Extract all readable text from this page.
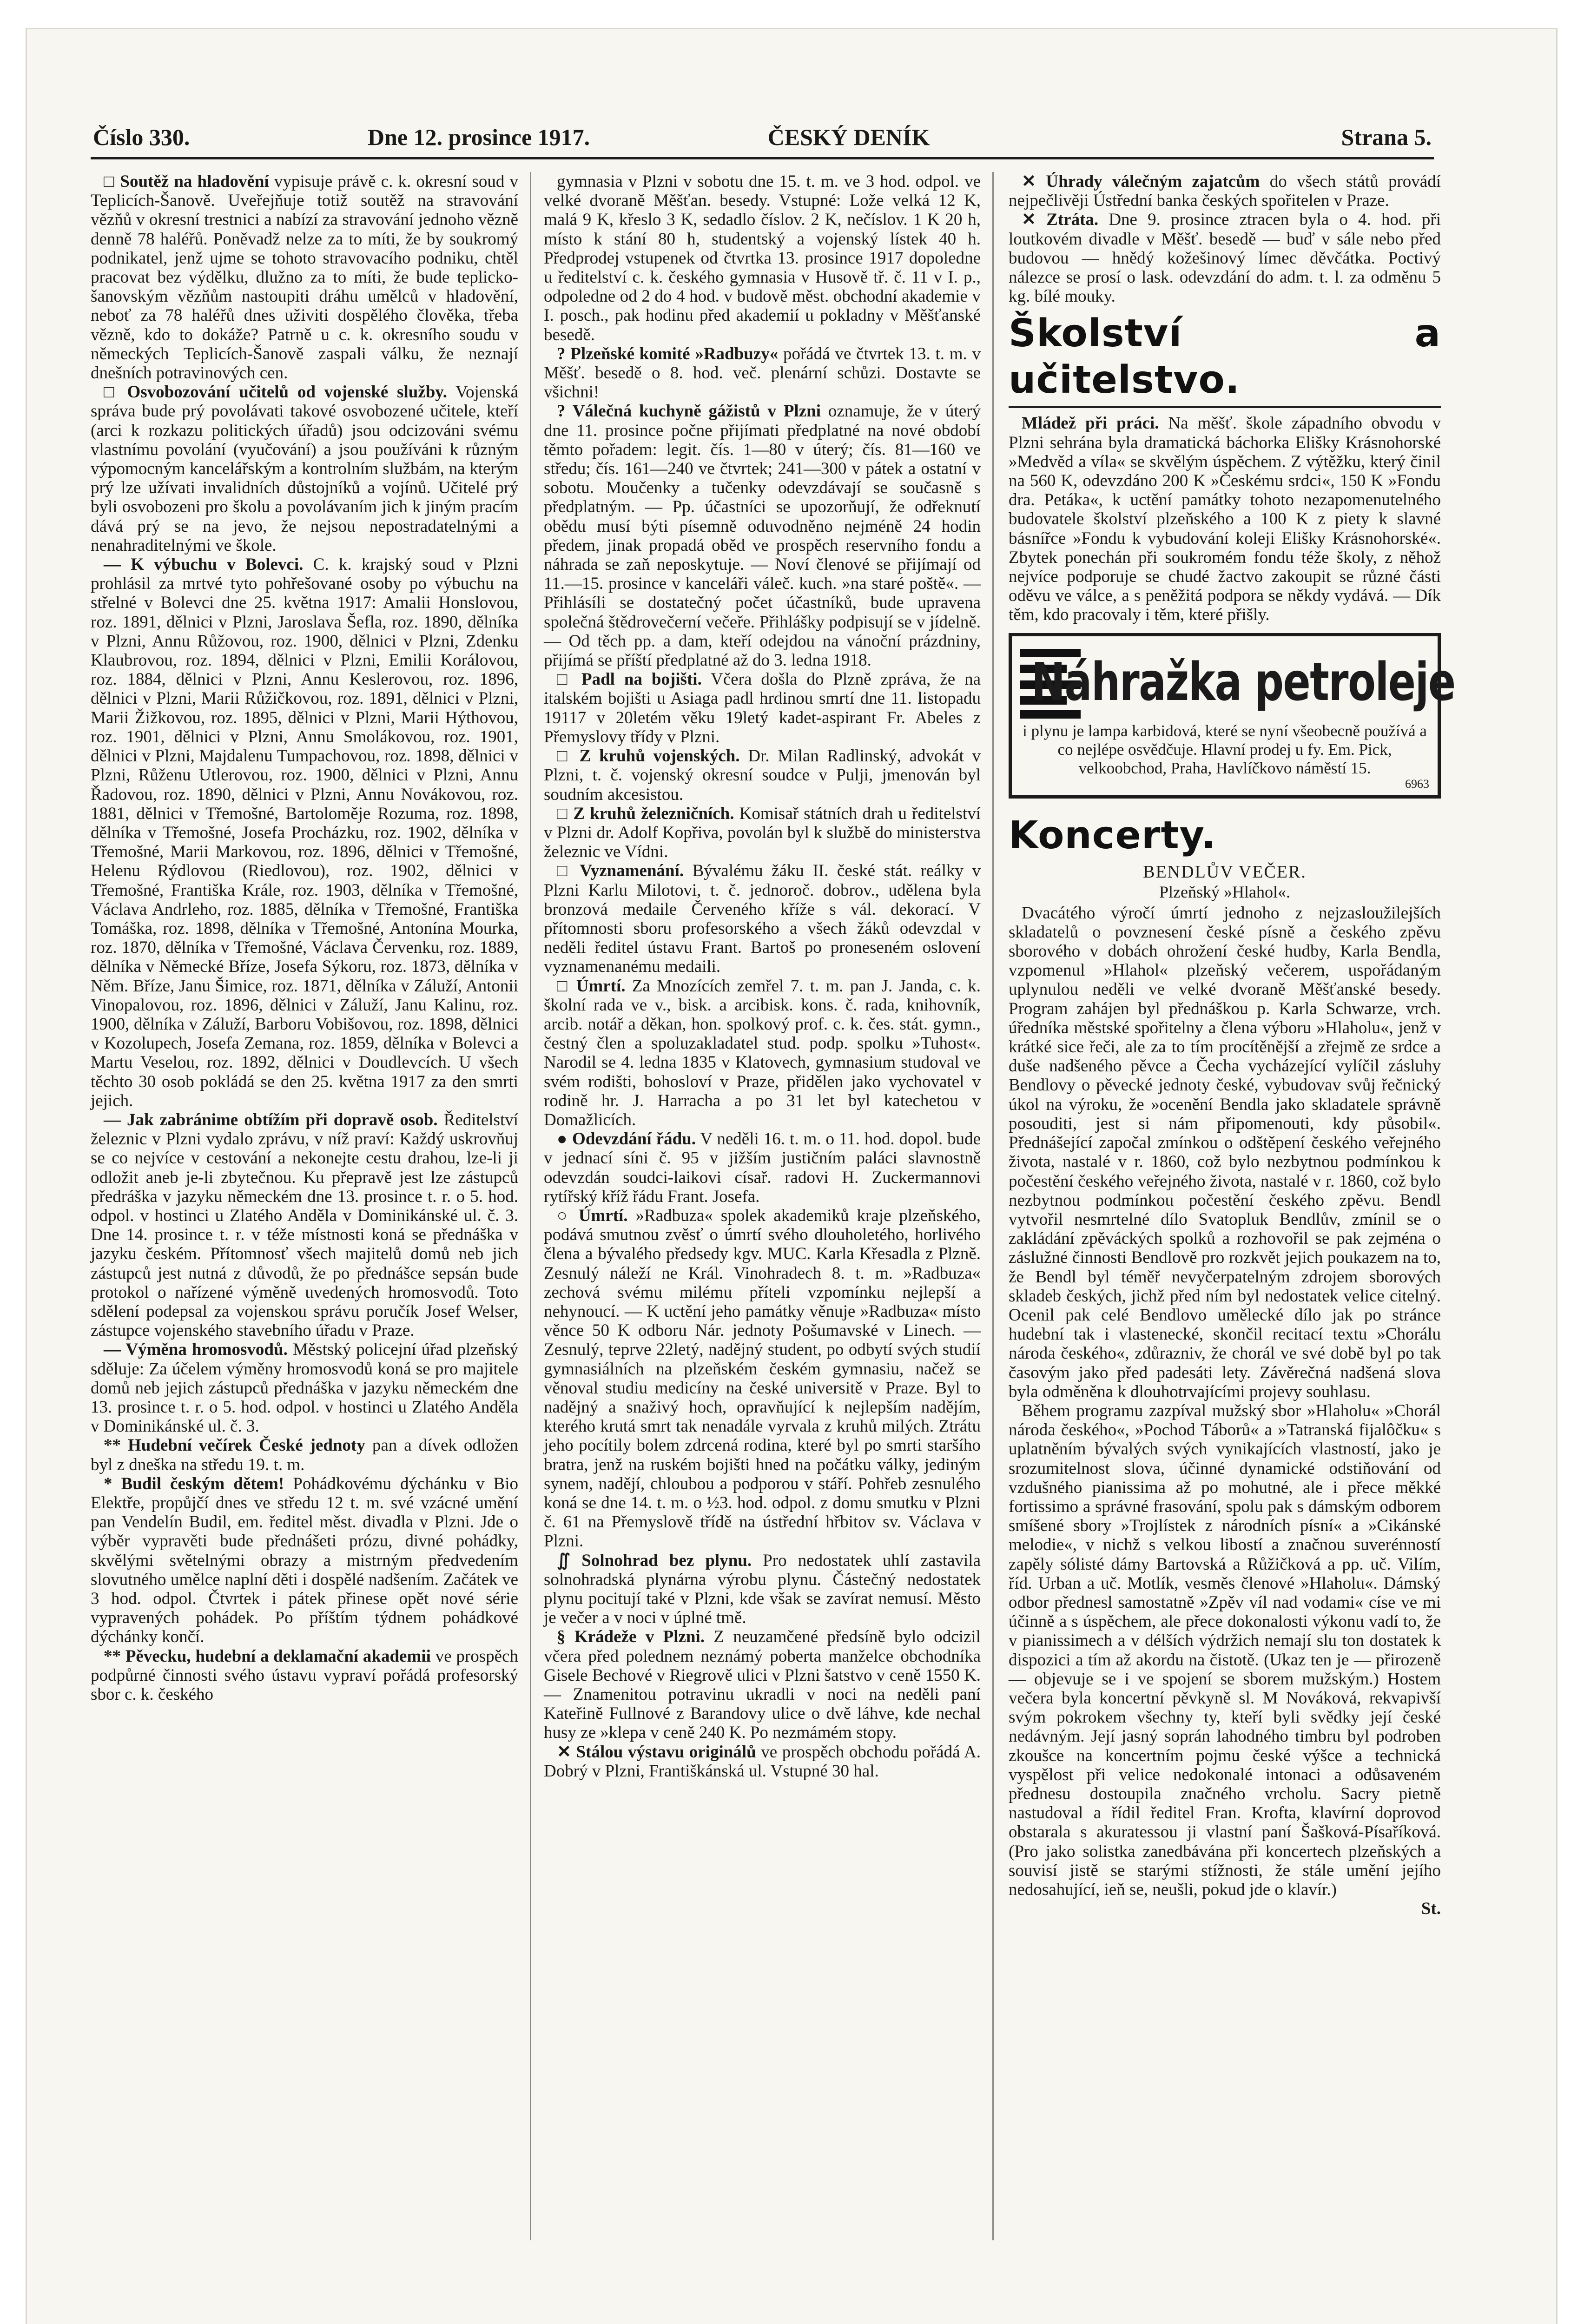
Číslo 330.	Dne 12. prosince 1917.	ČESKÝ DENÍK	Strana 5.

□ Soutěž na hladovění vypisuje právě c. k. okresní soud v Teplicích-Šanově. Uveřejňuje totiž soutěž na stravování vězňů v okresní trestnici a nabízí za stravování jednoho vězně denně 78 haléřů. Poněvadž nelze za to míti, že by soukromý podnikatel, jenž ujme se tohoto stravovacího podniku, chtěl pracovat bez výdělku, dlužno za to míti, že bude teplicko-šanovským vězňům nastoupiti dráhu umělců v hladovění, neboť za 78 haléřů dnes uživiti dospělého člověka, třeba vězně, kdo to dokáže? Patrně u c. k. okresního soudu v německých Teplicích-Šanově zaspali válku, že neznají dnešních potravinových cen.

□ Osvobozování učitelů od vojenské služby. Vojenská správa bude prý povolávati takové osvobozené učitele, kteří (arci k rozkazu politických úřadů) jsou odcizováni svému vlastnímu povolání (vyučování) a jsou používáni k různým výpomocným kancelářským a kontrolním službám, na kterým prý lze užívati invalidních důstojníků a vojínů. Učitelé prý byli osvobozeni pro školu a povolávaním jich k jiným pracím dává prý se na jevo, že nejsou nepostradatelnými a nenahraditelnými ve škole.

— K výbuchu v Bolevci. C. k. krajský soud v Plzni prohlásil za mrtvé tyto pohřešované osoby po výbuchu na střelné v Bolevci dne 25. května 1917: Amalii Honslovou, roz. 1891, dělnici v Plzni, Jaroslava Šefla, roz. 1890, dělníka v Plzni, Annu Růžovou, roz. 1900, dělnici v Plzni, Zdenku Klaubrovou, roz. 1894, dělnici v Plzni, Emilii Korálovou, roz. 1884, dělnici v Plzni, Annu Keslerovou, roz. 1896, dělnici v Plzni, Marii Růžičkovou, roz. 1891, dělnici v Plzni, Marii Žižkovou, roz. 1895, dělnici v Plzni, Marii Hýthovou, roz. 1901, dělnici v Plzni, Annu Smolákovou, roz. 1901, dělnici v Plzni, Majdalenu Tumpachovou, roz. 1898, dělnici v Plzni, Růženu Utlerovou, roz. 1900, dělnici v Plzni, Annu Řadovou, roz. 1890, dělnici v Plzni, Annu Novákovou, roz. 1881, dělnici v Třemošné, Bartoloměje Rozuma, roz. 1898, dělníka v Třemošné, Josefa Procházku, roz. 1902, dělníka v Třemošné, Marii Markovou, roz. 1896, dělnici v Třemošné, Helenu Rýdlovou (Riedlovou), roz. 1902, dělnici v Třemošné, Františka Krále, roz. 1903, dělníka v Třemošné, Václava Andrleho, roz. 1885, dělníka v Třemošné, Františka Tomáška, roz. 1898, dělníka v Třemošné, Antonína Mourka, roz. 1870, dělníka v Třemošné, Václava Červenku, roz. 1889, dělníka v Německé Bříze, Josefa Sýkoru, roz. 1873, dělníka v Něm. Bříze, Janu Šimice, roz. 1871, dělníka v Záluží, Antonii Vinopalovou, roz. 1896, dělnici v Záluží, Janu Kalinu, roz. 1900, dělníka v Záluží, Barboru Vobišovou, roz. 1898, dělnici v Kozolupech, Josefa Zemana, roz. 1859, dělníka v Bolevci a Martu Veselou, roz. 1892, dělnici v Doudlevcích. U všech těchto 30 osob pokládá se den 25. května 1917 za den smrti jejich.

— Jak zabránime obtížím při dopravě osob. Ředitelství železnic v Plzni vydalo zprávu, v níž praví: Každý uskrovňuj se co nejvíce v cestování a nekonejte cestu drahou, lze-li ji odložit aneb je-li zbytečnou. Ku přepravě jest lze zástupců předráška v jazyku německém dne 13. prosince t. r. o 5. hod. odpol. v hostinci u Zlatého Anděla v Dominikánské ul. č. 3. Dne 14. prosince t. r. v téže místnosti koná se přednáška v jazyku českém. Přítomnosť všech majitelů domů neb jich zástupců jest nutná z důvodů, že po přednášce sepsán bude protokol o nařízené výměně uvedených hromosvodů. Toto sdělení podepsal za vojenskou správu poručík Josef Welser, zástupce vojenského stavebního úřadu v Praze.

— Výměna hromosvodů. Městský policejní úřad plzeňský sděluje: Za účelem výměny hromosvodů koná se pro majitele domů neb jejich zástupců přednáška v jazyku německém dne 13. prosince t. r. o 5. hod. odpol. v hostinci u Zlatého Anděla v Dominikánské ul. č. 3.

** Hudební večírek České jednoty pan a dívek odložen byl z dneška na středu 19. t. m.

* Budil českým dětem! Pohádkovému dýchánku v Bio Elektře, propůjčí dnes ve středu 12 t. m. své vzácné umění pan Vendelín Budil, em. ředitel měst. divadla v Plzni. Jde o výběr vypravěti bude přednášeti prózu, divné pohádky, skvělými světelnými obrazy a mistrným předvedením slovutného umělce naplní děti i dospělé nadšením. Začátek ve 3 hod. odpol. Čtvrtek i pátek přinese opět nové série vypravených pohádek. Po příštím týdnem pohádkové dýchánky končí.

** Pěvecku, hudební a deklamační akademii ve prospěch podpůrné činnosti svého ústavu vypraví pořádá profesorský sbor c. k. českého

gymnasia v Plzni v sobotu dne 15. t. m. ve 3 hod. odpol. ve velké dvoraně Měšťan. besedy. Vstupné: Lože velká 12 K, malá 9 K, křeslo 3 K, sedadlo číslov. 2 K, nečíslov. 1 K 20 h, místo k stání 80 h, studentský a vojenský lístek 40 h. Předprodej vstupenek od čtvrtka 13. prosince 1917 dopoledne u ředitelství c. k. českého gymnasia v Husově tř. č. 11 v I. p., odpoledne od 2 do 4 hod. v budově měst. obchodní akademie v I. posch., pak hodinu před akademií u pokladny v Měšťanské besedě.

? Plzeňské komité »Radbuzy« pořádá ve čtvrtek 13. t. m. v Měšť. besedě o 8. hod. več. plenární schůzi. Dostavte se všichni!

? Válečná kuchyně gážistů v Plzni oznamuje, že v úterý dne 11. prosince počne přijímati předplatné na nové období těmto pořadem: legit. čís. 1—80 v úterý; čís. 81—160 ve středu; čís. 161—240 ve čtvrtek; 241—300 v pátek a ostatní v sobotu. Moučenky a tučenky odevzdávají se současně s předplatným. — Pp. účastníci se upozorňují, že odřeknutí obědu musí býti písemně oduvodněno nejméně 24 hodin předem, jinak propadá oběd ve prospěch reservního fondu a náhrada se zaň neposkytuje. — Noví členové se přijímají od 11.—15. prosince v kanceláři váleč. kuch. »na staré poště«. — Přihlásíli se dostatečný počet účastníků, bude upravena společná štědrovečerní večeře. Přihlášky podpisují se v jídelně. — Od těch pp. a dam, kteří odejdou na vánoční prázdniny, přijímá se příští předplatné až do 3. ledna 1918.

□ Padl na bojišti. Včera došla do Plzně zpráva, že na italském bojišti u Asiaga padl hrdinou smrtí dne 11. listopadu 19117 v 20letém věku 19letý kadet-aspirant Fr. Abeles z Přemyslovy třídy v Plzni.

□ Z kruhů vojenských. Dr. Milan Radlinský, advokát v Plzni, t. č. vojenský okresní soudce v Pulji, jmenován byl soudním akcesistou.

□ Z kruhů železničních. Komisař státních drah u ředitelství v Plzni dr. Adolf Kopřiva, povolán byl k službě do ministerstva železnic ve Vídni.

□ Vyznamenání. Bývalému žáku II. české stát. reálky v Plzni Karlu Milotovi, t. č. jednoroč. dobrov., udělena byla bronzová medaile Červeného kříže s vál. dekorací. V přítomnosti sboru profesorského a všech žáků odevzdal v neděli ředitel ústavu Frant. Bartoš po proneseném oslovení vyznamenanému medaili.

□ Úmrtí. Za Mnozících zemřel 7. t. m. pan J. Janda, c. k. školní rada ve v., bisk. a arcibisk. kons. č. rada, knihovník, arcib. notář a děkan, hon. spolkový prof. c. k. čes. stát. gymn., čestný člen a spoluzakladatel stud. podp. spolku »Tuhost«. Narodil se 4. ledna 1835 v Klatovech, gymnasium studoval ve svém rodišti, bohosloví v Praze, přidělen jako vychovatel v rodině hr. J. Harracha a po 31 let byl katechetou v Domažlicích.

● Odevzdání řádu. V neděli 16. t. m. o 11. hod. dopol. bude v jednací síni č. 95 v jižším justičním paláci slavnostně odevzdán soudci-laikovi císař. radovi H. Zuckermannovi rytířský kříž řádu Frant. Josefa.

○ Úmrtí. »Radbuza« spolek akademiků kraje plzeňského, podává smutnou zvěsť o úmrtí svého dlouholetého, horlivého člena a bývalého předsedy kgv. MUC. Karla Křesadla z Plzně. Zesnulý náleží ne Král. Vinohradech 8. t. m. »Radbuza« zechová svému milému příteli vzpomínku nejlepší a nehynoucí. — K uctění jeho památky věnuje »Radbuza« místo věnce 50 K odboru Nár. jednoty Pošumavské v Linech. — Zesnulý, teprve 22letý, nadějný student, po odbytí svých studií gymnasiálních na plzeňském českém gymnasiu, načež se věnoval studiu medicíny na české universitě v Praze. Byl to nadějný a snaživý hoch, opravňující k nejlepším nadějím, kterého krutá smrt tak nenadále vyrvala z kruhů milých. Ztrátu jeho pocítily bolem zdrcená rodina, které byl po smrti staršího bratra, jenž na ruském bojišti hned na počátku války, jediným synem, nadějí, chloubou a podporou v stáří. Pohřeb zesnulého koná se dne 14. t. m. o ½3. hod. odpol. z domu smutku v Plzni č. 61 na Přemyslově třídě na ústřední hřbitov sv. Václava v Plzni.

∬ Solnohrad bez plynu. Pro nedostatek uhlí zastavila solnohradská plynárna výrobu plynu. Částečný nedostatek plynu pocitují také v Plzni, kde však se zavírat nemusí. Město je večer a v noci v úplné tmě.

§ Krádeže v Plzni. Z neuzamčené předsíně bylo odcizil včera před polednem neznámý poberta manželce obchodníka Gisele Bechové v Riegrově ulici v Plzni šatstvo v ceně 1550 K. — Znamenitou potravinu ukradli v noci na neděli paní Kateřině Fullnové z Barandovy ulice o dvě láhve, kde nechal husy ze »klepa v ceně 240 K. Po nezmámém stopy.

✕ Stálou výstavu originálů ve prospěch obchodu pořádá A. Dobrý v Plzni, Františkánská ul. Vstupné 30 hal.

✕ Úhrady válečným zajatcům do všech států provádí nejpečlivěji Ústřední banka českých spořitelen v Praze.

✕ Ztráta. Dne 9. prosince ztracen byla o 4. hod. při loutkovém divadle v Měšť. besedě — buď v sále nebo před budovou — hnědý kožešinový límec děvčátka. Poctivý nálezce se prosí o lask. odevzdání do adm. t. l. za odměnu 5 kg. bílé mouky.

Školství a učitelstvo.

Mládež při práci. Na měšť. škole západního obvodu v Plzni sehrána byla dramatická báchorka Elišky Krásnohorské »Medvěd a víla« se skvělým úspěchem. Z výtěžku, který činil na 560 K, odevzdáno 200 K »Českému srdci«, 150 K »Fondu dra. Petáka«, k uctění památky tohoto nezapomenutelného budovatele školství plzeňského a 100 K z piety k slavné básnířce »Fondu k vybudování koleji Elišky Krásnohorské«. Zbytek ponechán při soukromém fondu téže školy, z něhož nejvíce podporuje se chudé žactvo zakoupit se různé části oděvu ve válce, a s peněžitá podpora se někdy vydává. — Dík těm, kdo pracovaly i těm, které přišly.

Náhražka petroleje
i plynu je lampa karbidová, které se nyní všeobecně používá a co nejlépe osvědčuje. Hlavní prodej u fy. Em. Pick, velkoobchod, Praha, Havlíčkovo náměstí 15.
6963
Koncerty.
BENDLŮV VEČER.
Plzeňský »Hlahol«.

Dvacátého výročí úmrtí jednoho z nejzasloužilejších skladatelů o povznesení české písně a českého zpěvu sborového v dobách ohrožení české hudby, Karla Bendla, vzpomenul »Hlahol« plzeňský večerem, uspořádaným uplynulou neděli ve velké dvoraně Měšťanské besedy. Program zahájen byl přednáškou p. Karla Schwarze, vrch. úředníka městské spořitelny a člena výboru »Hlaholu«, jenž v krátké sice řeči, ale za to tím procítěnější a zřejmě ze srdce a duše nadšeného pěvce a Čecha vycházející vylíčil zásluhy Bendlovy o pěvecké jednoty české, vybudovav svůj řečnický úkol na výroku, že »ocenění Bendla jako skladatele správně posouditi, jest si nám připomenouti, kdy působil«. Přednášející započal zmínkou o odštěpení českého veřejného života, nastalé v r. 1860, což bylo nezbytnou podmínkou k počestění českého veřejného života, nastalé v r. 1860, což bylo nezbytnou podmínkou počestění českého zpěvu. Bendl vytvořil nesmrtelné dílo Svatopluk Bendlův, zmínil se o zakládání zpěváckých spolků a rozhovořil se pak zejména o záslužné činnosti Bendlově pro rozkvět jejich poukazem na to, že Bendl byl téměř nevyčerpatelným zdrojem sborových skladeb českých, jichž před ním byl nedostatek velice citelný. Ocenil pak celé Bendlovo umělecké dílo jak po stránce hudební tak i vlastenecké, skončil recitací textu »Chorálu národa českého«, zdůrazniv, že chorál ve své době byl po tak časovým jako před padesáti lety. Závěrečná nadšená slova byla odměněna k dlouhotrvajícími projevy souhlasu.

Během programu zazpíval mužský sbor »Hlaholu« »Chorál národa českého«, »Pochod Táborů« a »Tatranská fijalôčku« s uplatněním bývalých svých vynikajících vlastností, jako je srozumitelnost slova, účinné dynamické odstiňování od vzdušného pianissima až po mohutné, ale i přece měkké fortissimo a správné frasování, spolu pak s dámským odborem smíšené sbory »Trojlístek z národních písní« a »Cikánské melodie«, v nichž s velkou libostí a značnou suverénností zapěly sólisté dámy Bartovská a Růžičková a pp. uč. Vilím, říd. Urban a uč. Motlík, vesměs členové »Hlaholu«. Dámský odbor přednesl samostatně »Zpěv víl nad vodami« císe ve mi účinně a s úspěchem, ale přece dokonalosti výkonu vadí to, že v pianissimech a v délších výdržich nemají slu ton dostatek k dispozici a tím až akordu na čistotě. (Ukaz ten je — přirozeně — objevuje se i ve spojení se sborem mužským.) Hostem večera byla koncertní pěvkyně sl. M Nováková, rekvapivší svým pokrokem všechny ty, kteří byli svědky její české nedávným. Její jasný soprán lahodného timbru byl podroben zkoušce na koncertním pojmu české výšce a technická vyspělost při velice nedokonalé intonaci a odůsaveném přednesu dostoupila značného vrcholu. Sacry pietně nastudoval a řídil ředitel Fran. Krofta, klavírní doprovod obstarala s akuratessou ji vlastní paní Šašková-Písaříková. (Pro jako solistka zanedbávána při koncertech plzeňských a souvisí jistě se starými stížnosti, že stále umění jejího nedosahující, ieň se, neušli, pokud jde o klavír.)

St.
